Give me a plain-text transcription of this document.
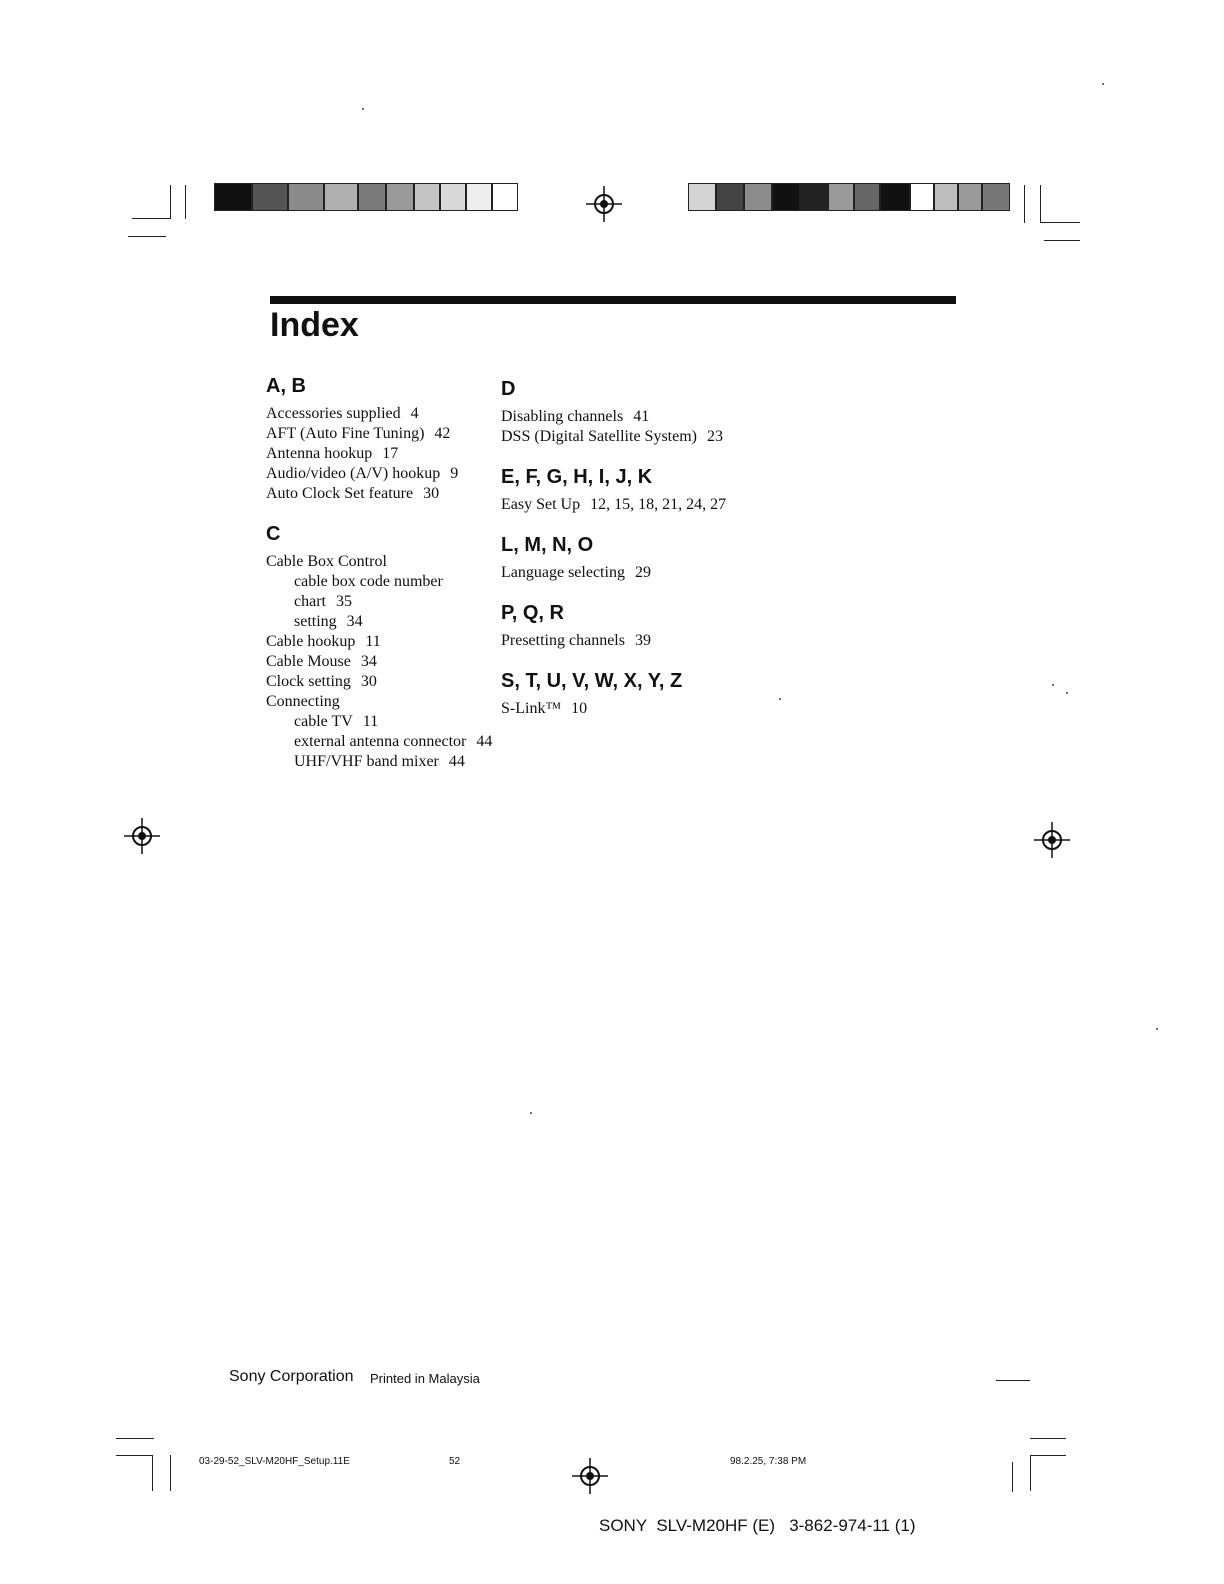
Index
A, B
Accessories supplied 4
AFT (Auto Fine Tuning) 42
Antenna hookup 17
Audio/video (A/V) hookup 9
Auto Clock Set feature 30
C
Cable Box Control
cable box code number chart 35
setting 34
Cable hookup 11
Cable Mouse 34
Clock setting 30
Connecting
cable TV 11
external antenna connector 44
UHF/VHF band mixer 44
D
Disabling channels 41
DSS (Digital Satellite System) 23
E, F, G, H, I, J, K
Easy Set Up 12, 15, 18, 21, 24, 27
L, M, N, O
Language selecting 29
P, Q, R
Presetting channels 39
S, T, U, V, W, X, Y, Z
S-Link™ 10
Sony Corporation Printed in Malaysia
03-29-52_SLV-M20HF_Setup.11E	52	98.2.25, 7:38 PM
SONY  SLV-M20HF (E)   3-862-974-11 (1)
